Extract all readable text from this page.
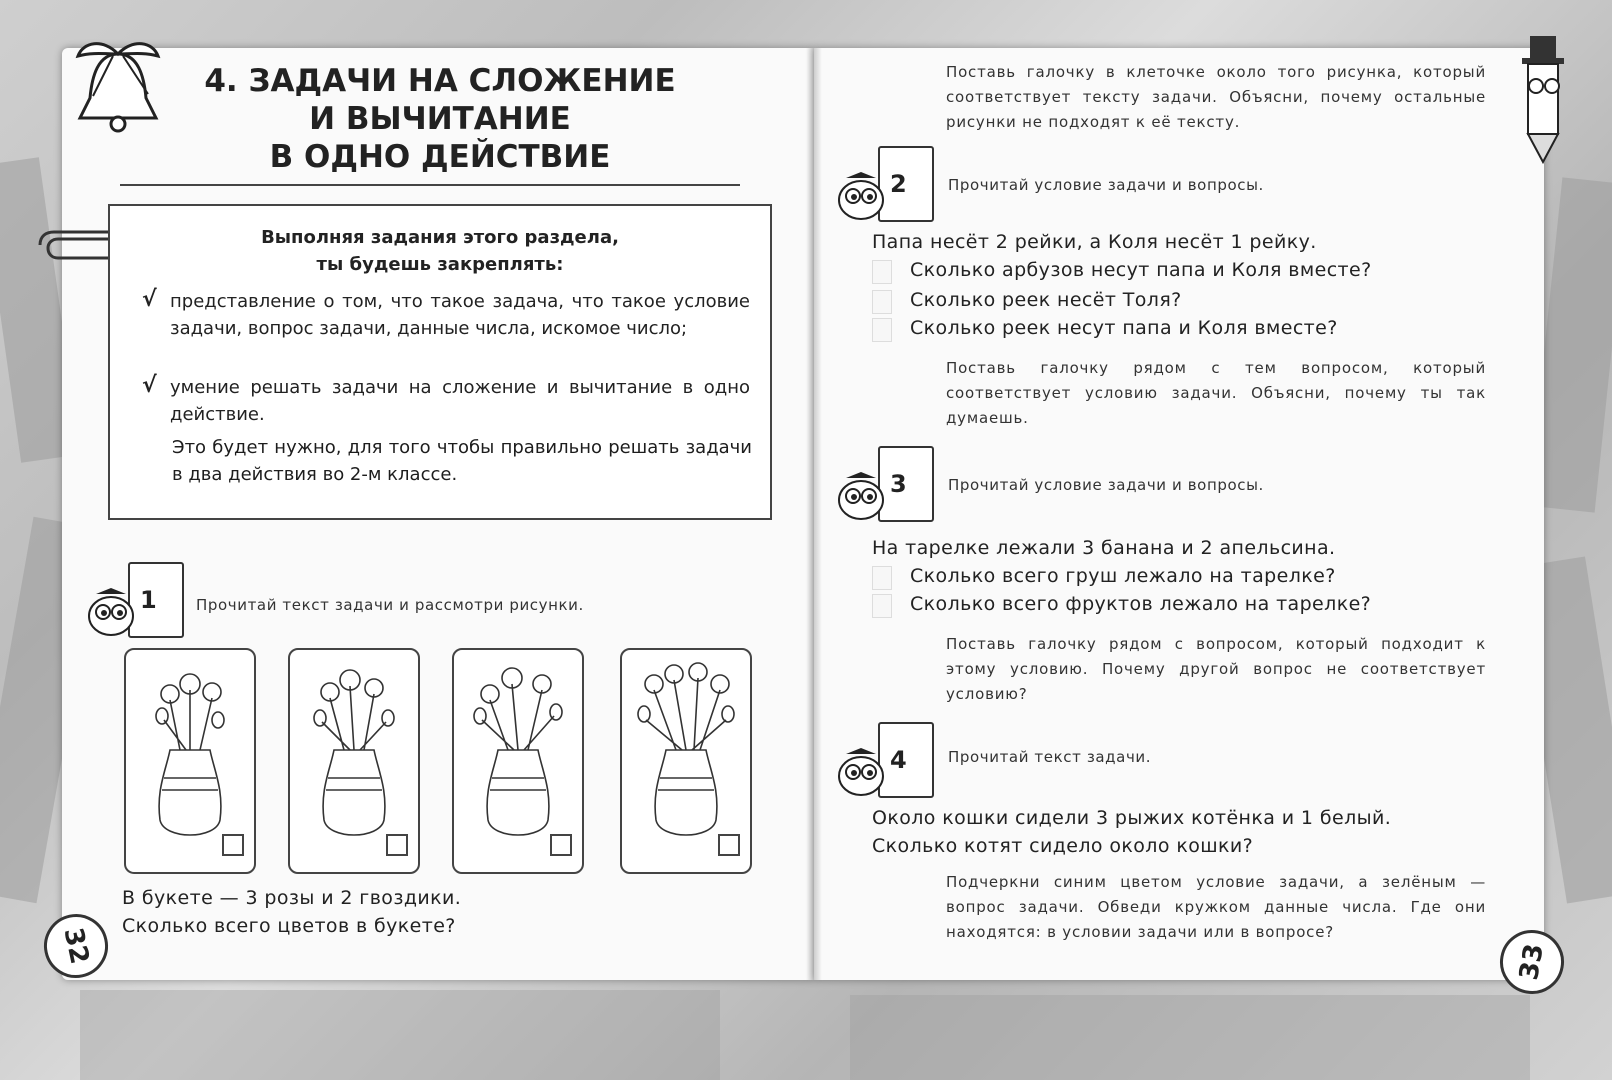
4. ЗАДАЧИ НА СЛОЖЕНИЕ
И ВЫЧИТАНИЕ
В ОДНО ДЕЙСТВИЕ
Выполняя задания этого раздела,
ты будешь закреплять:
√ представление о том, что такое задача, что такое условие задачи, вопрос задачи, данные числа, искомое число;
√ умение решать задачи на сложение и вычитание в одно действие.
Это будет нужно, для того чтобы правильно решать задачи в два действия во 2-м классе.
1	Прочитай текст задачи и рассмотри рисунки.
В букете — 3 розы и 2 гвоздики.
Сколько всего цветов в букете?
32
Поставь галочку в клеточке около того рисунка, который соответствует тексту задачи. Объясни, почему остальные рисунки не подходят к её тексту.
2	Прочитай условие задачи и вопросы.
Папа несёт 2 рейки, а Коля несёт 1 рейку.
Сколько арбузов несут папа и Коля вместе?
Сколько реек несёт Толя?
Сколько реек несут папа и Коля вместе?
Поставь галочку рядом с тем вопросом, который соответствует условию задачи. Объясни, почему ты так думаешь.
3	Прочитай условие задачи и вопросы.
На тарелке лежали 3 банана и 2 апельсина.
Сколько всего груш лежало на тарелке?
Сколько всего фруктов лежало на тарелке?
Поставь галочку рядом с вопросом, который подходит к этому условию. Почему другой вопрос не соответствует условию?
4	Прочитай текст задачи.
Около кошки сидели 3 рыжих котёнка и 1 белый.
Сколько котят сидело около кошки?
Подчеркни синим цветом условие задачи, а зелёным — вопрос задачи. Обведи кружком данные числа. Где они находятся: в условии задачи или в вопросе?
33
